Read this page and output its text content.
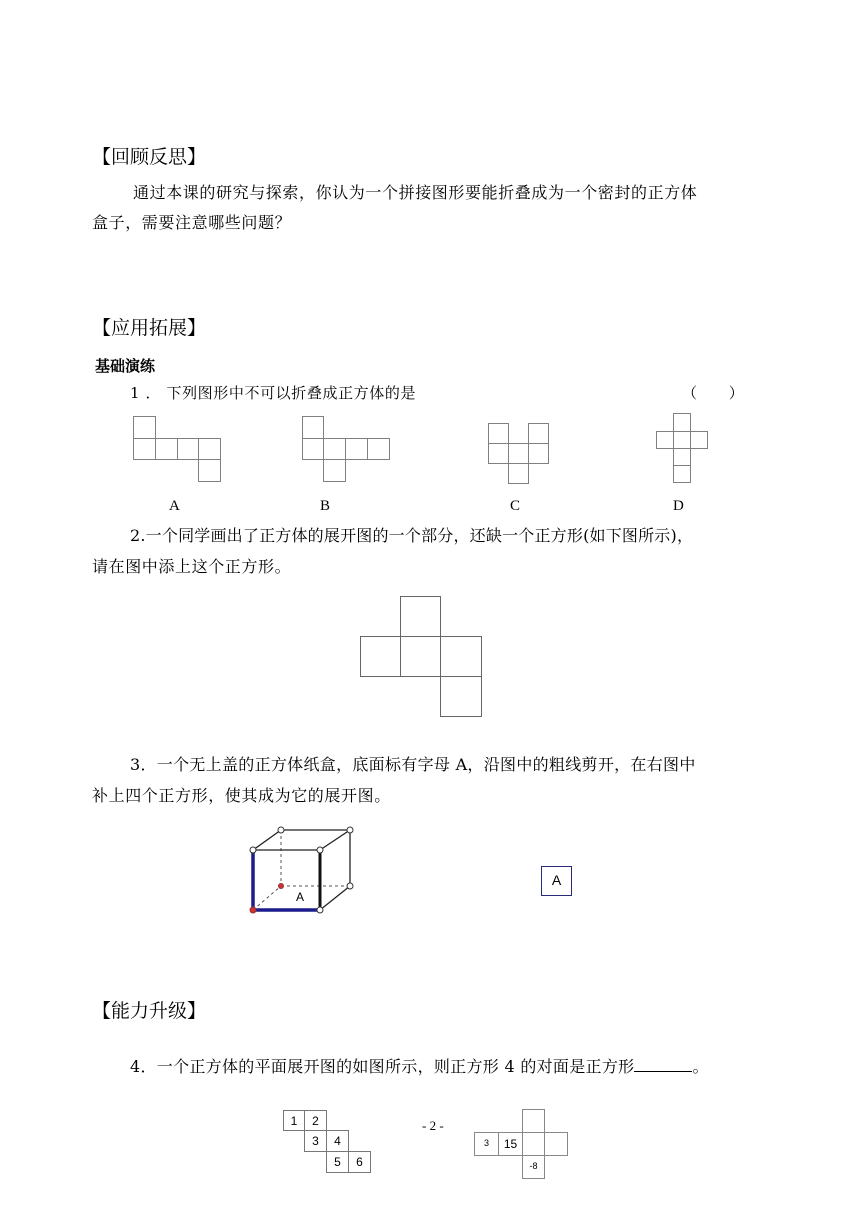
【回顾反思】
通过本课的研究与探索，你认为一个拼接图形要能折叠成为一个密封的正方体
盒子，需要注意哪些问题？
【应用拓展】
基础演练
1 ． 下列图形中不可以折叠成正方体的是	（　　）
A	B	C	D
2.一个同学画出了正方体的展开图的一个部分，还缺一个正方形(如下图所示)，
请在图中添上这个正方形。
3．一个无上盖的正方体纸盒，底面标有字母 A，沿图中的粗线剪开，在右图中
补上四个正方形，使其成为它的展开图。
A
A
【能力升级】
4．一个正方体的平面展开图的如图所示，则正方形 4 的对面是正方形	。
1	2
3	4
5	6
- 2 -
3	15
-8
